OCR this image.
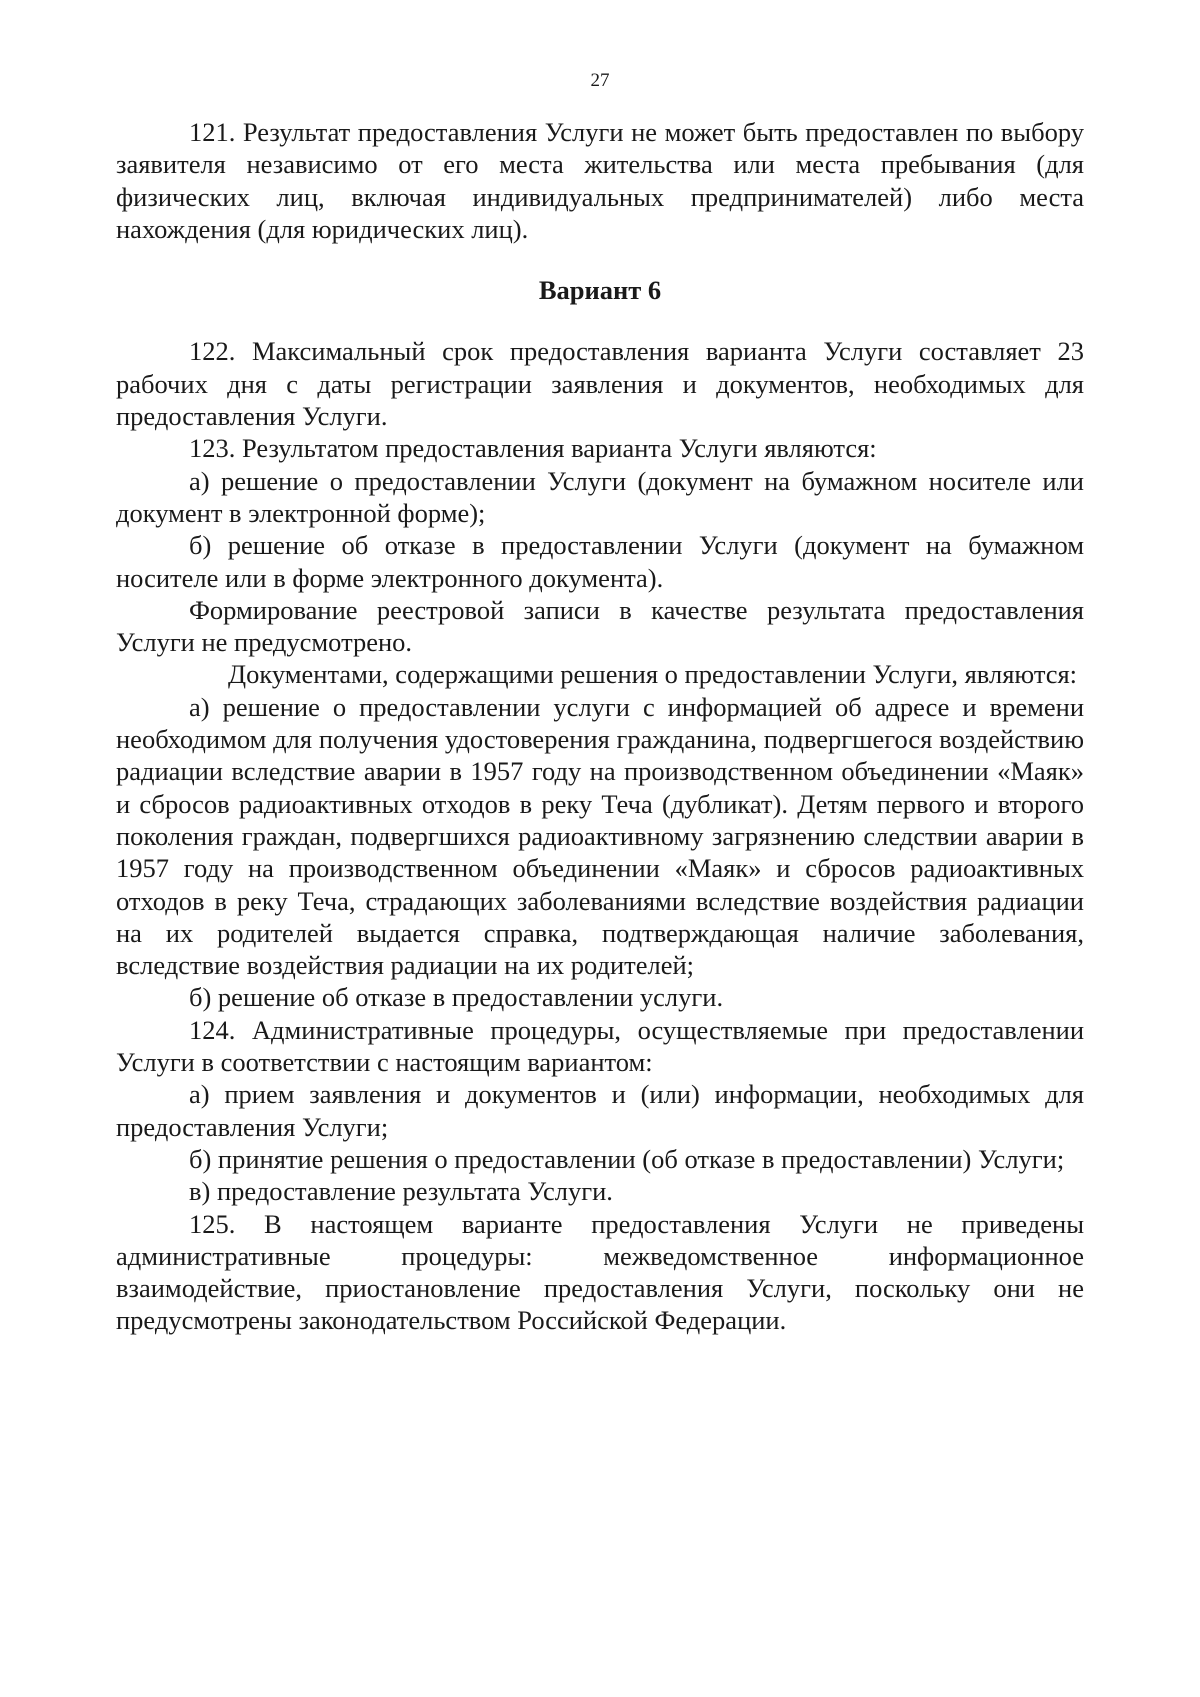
27

121. Результат предоставления Услуги не может быть предоставлен по выбору заявителя независимо от его места жительства или места пребывания (для физических лиц, включая индивидуальных предпринимателей) либо места нахождения (для юридических лиц).

Вариант 6

122. Максимальный срок предоставления варианта Услуги составляет 23 рабочих дня с даты регистрации заявления и документов, необходимых для предоставления Услуги.

123. Результатом предоставления варианта Услуги являются:

а) решение о предоставлении Услуги (документ на бумажном носителе или документ в электронной форме);

б) решение об отказе в предоставлении Услуги (документ на бумажном носителе или в форме электронного документа).

Формирование реестровой записи в качестве результата предоставления Услуги не предусмотрено.

Документами, содержащими решения о предоставлении Услуги, являются:

а) решение о предоставлении услуги с информацией об адресе и времени необходимом для получения удостоверения гражданина, подвергшегося воздействию радиации вследствие аварии в 1957 году на производственном объединении «Маяк» и сбросов радиоактивных отходов в реку Теча (дубликат). Детям первого и второго поколения граждан, подвергшихся радиоактивному загрязнению следствии аварии в 1957 году на производственном объединении «Маяк» и сбросов радиоактивных отходов в реку Теча, страдающих заболеваниями вследствие воздействия радиации на их родителей выдается справка, подтверждающая наличие заболевания, вследствие воздействия радиации на их родителей;

б) решение об отказе в предоставлении услуги.

124. Административные процедуры, осуществляемые при предоставлении Услуги в соответствии с настоящим вариантом:

а) прием заявления и документов и (или) информации, необходимых для предоставления Услуги;

б) принятие решения о предоставлении (об отказе в предоставлении) Услуги;

в) предоставление результата Услуги.

125. В настоящем варианте предоставления Услуги не приведены административные процедуры: межведомственное информационное взаимодействие, приостановление предоставления Услуги, поскольку они не предусмотрены законодательством Российской Федерации.
